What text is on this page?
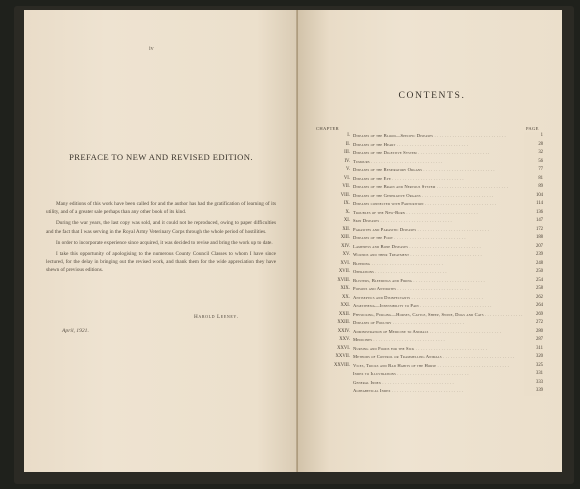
iv
PREFACE TO NEW AND REVISED EDITION.

Many editions of this work have been called for and the author has had the gratification of learning of its utility, and of a greater sale perhaps than any other book of its kind.

During the war years, the last copy was sold, and it could not be reproduced, owing to paper difficulties and the fact that I was serving in the Royal Army Veterinary Corps through the whole period of hostilities.

In order to incorporate experience since acquired, it was decided to revise and bring the work up to date.

I take this opportunity of apologising to the numerous County Council Classes to whom I have since lectured, for the delay in bringing out the revised work, and thank them for the wide appreciation they have shewn of previous editions.

Harold Leeney.
April, 1921.
CONTENTS.
CHAPTER	PAGE
I. Diseases of the Blood—Specific Diseases . .	1
II. Diseases of the Heart . .	28
III. Diseases of the Digestive System . .	32
IV. Tumours . .	56
V. Diseases of the Respiratory Organs . .	77
VI. Diseases of the Eye . .	81
VII. Diseases of the Brain and Nervous System . .	89
VIII. Diseases of the Generative Organs . .	104
IX. Diseases connected with Parturition . .	114
X. Troubles of the New-Born . .	136
XI. Skin Diseases . .	147
XII. Parasites and Parasitic Diseases . .	172
XIII. Diseases of the Foot . .	188
XIV. Lameness and Bone Diseases . .	207
XV. Wounds and their Treatment . .	239
XVI. Bleeding . .	248
XVII. Operations . .	250
XVIII. Blisters, Bleedings and Firing . .	254
XIX. Poisons and Antidotes . .	258
XX. Antiseptics and Disinfectants . .	262
XXI. Anæsthesia—Insensibility to Pain . .	264
XXII. Physicking, Purging—Horses, Cattle, Sheep, Swine, Dogs and Cats . .	269
XXIII. Diseases of Poultry . .	272
XXIV. Administration of Medicine to Animals . .	280
XXV. Medicines . .	287
XXVI. Nursing and Foods for the Sick . .	311
XXVII. Methods of Control or Trammelling Animals . .	320
XXVIII. Vices, Tricks and Bad Habits of the Horse . .	325
Index to Illustrations . .	331
General Index . .	333
Alphabetical Index . .	339
